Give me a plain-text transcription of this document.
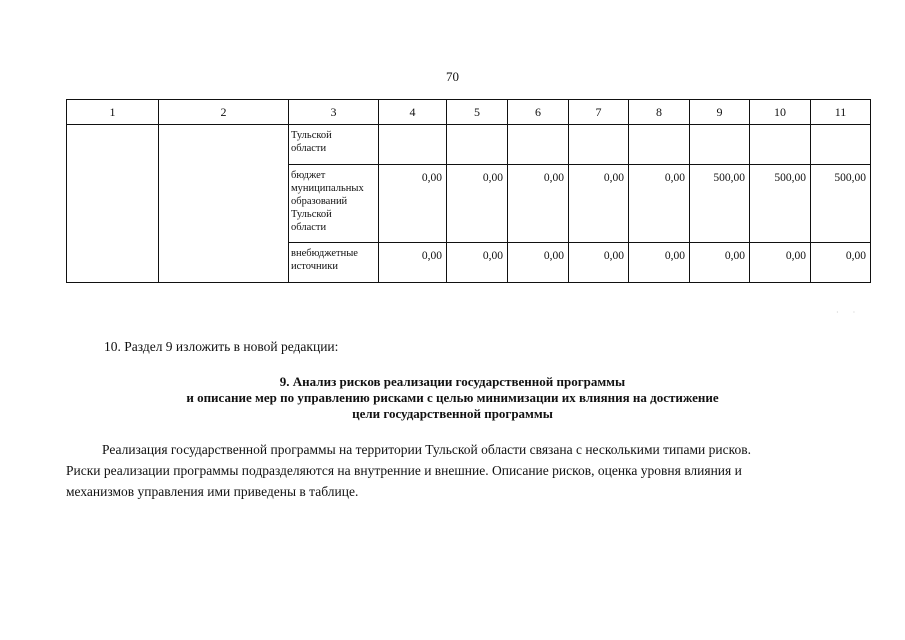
70
1	2	3	4	5	6	7	8	9	10	11
		Тульской
области								
		бюджет
муниципальных
образований
Тульской
области	0,00	0,00	0,00	0,00	0,00	500,00	500,00	500,00
		внебюджетные
источники	0,00	0,00	0,00	0,00	0,00	0,00	0,00	0,00
· ·
10. Раздел 9 изложить в новой редакции:
9. Анализ рисков реализации государственной программы
и описание мер по управлению рисками с целью минимизации их влияния на достижение
цели государственной программы
Реализация государственной программы на территории Тульской области связана с несколькими типами рисков.
Риски реализации программы подразделяются на внутренние и внешние. Описание рисков, оценка уровня влияния и
механизмов управления ими приведены в таблице.
